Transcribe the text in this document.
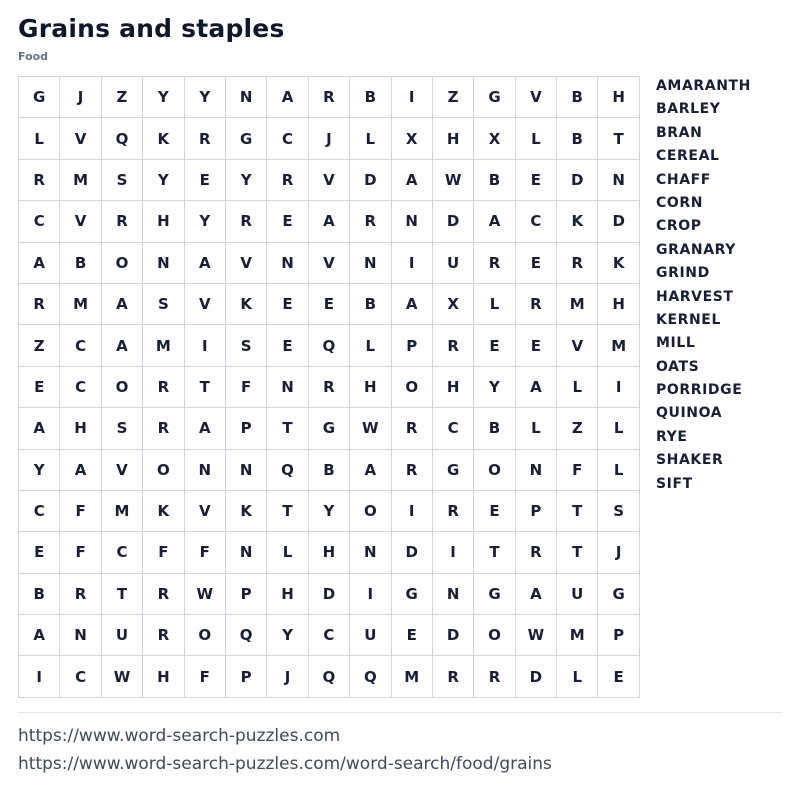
Grains and staples
Food
G	J	Z	Y	Y	N	A	R	B	I	Z	G	V	B	H
L	V	Q	K	R	G	C	J	L	X	H	X	L	B	T
R	M	S	Y	E	Y	R	V	D	A	W	B	E	D	N
C	V	R	H	Y	R	E	A	R	N	D	A	C	K	D
A	B	O	N	A	V	N	V	N	I	U	R	E	R	K
R	M	A	S	V	K	E	E	B	A	X	L	R	M	H
Z	C	A	M	I	S	E	Q	L	P	R	E	E	V	M
E	C	O	R	T	F	N	R	H	O	H	Y	A	L	I
A	H	S	R	A	P	T	G	W	R	C	B	L	Z	L
Y	A	V	O	N	N	Q	B	A	R	G	O	N	F	L
C	F	M	K	V	K	T	Y	O	I	R	E	P	T	S
E	F	C	F	F	N	L	H	N	D	I	T	R	T	J
B	R	T	R	W	P	H	D	I	G	N	G	A	U	G
A	N	U	R	O	Q	Y	C	U	E	D	O	W	M	P
I	C	W	H	F	P	J	Q	Q	M	R	R	D	L	E
AMARANTH
BARLEY
BRAN
CEREAL
CHAFF
CORN
CROP
GRANARY
GRIND
HARVEST
KERNEL
MILL
OATS
PORRIDGE
QUINOA
RYE
SHAKER
SIFT
https://www.word-search-puzzles.com
https://www.word-search-puzzles.com/word-search/food/grains
